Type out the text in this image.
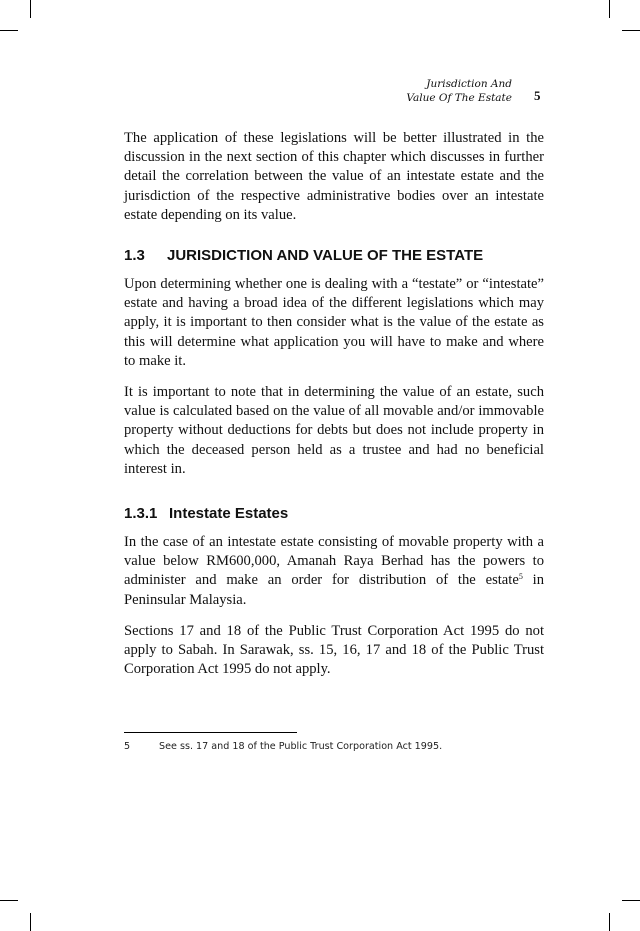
Jurisdiction And
Value Of The Estate 5

The application of these legislations will be better illustrated in the discussion in the next section of this chapter which discusses in further detail the correlation between the value of an intestate estate and the jurisdiction of the respective administrative bodies over an intestate estate depending on its value.

1.3 JURISDICTION AND VALUE OF THE ESTATE

Upon determining whether one is dealing with a “testate” or “intestate” estate and having a broad idea of the different legislations which may apply, it is important to then consider what is the value of the estate as this will determine what application you will have to make and where to make it.

It is important to note that in determining the value of an estate, such value is calculated based on the value of all movable and/or immovable property without deductions for debts but does not include property in which the deceased person held as a trustee and had no beneficial interest in.

1.3.1 Intestate Estates

In the case of an intestate estate consisting of movable property with a value below RM600,000, Amanah Raya Berhad has the powers to administer and make an order for distribution of the estate$^5$ in Peninsular Malaysia.

Sections 17 and 18 of the Public Trust Corporation Act 1995 do not apply to Sabah. In Sarawak, ss. 15, 16, 17 and 18 of the Public Trust Corporation Act 1995 do not apply.

5	See ss. 17 and 18 of the Public Trust Corporation Act 1995.
